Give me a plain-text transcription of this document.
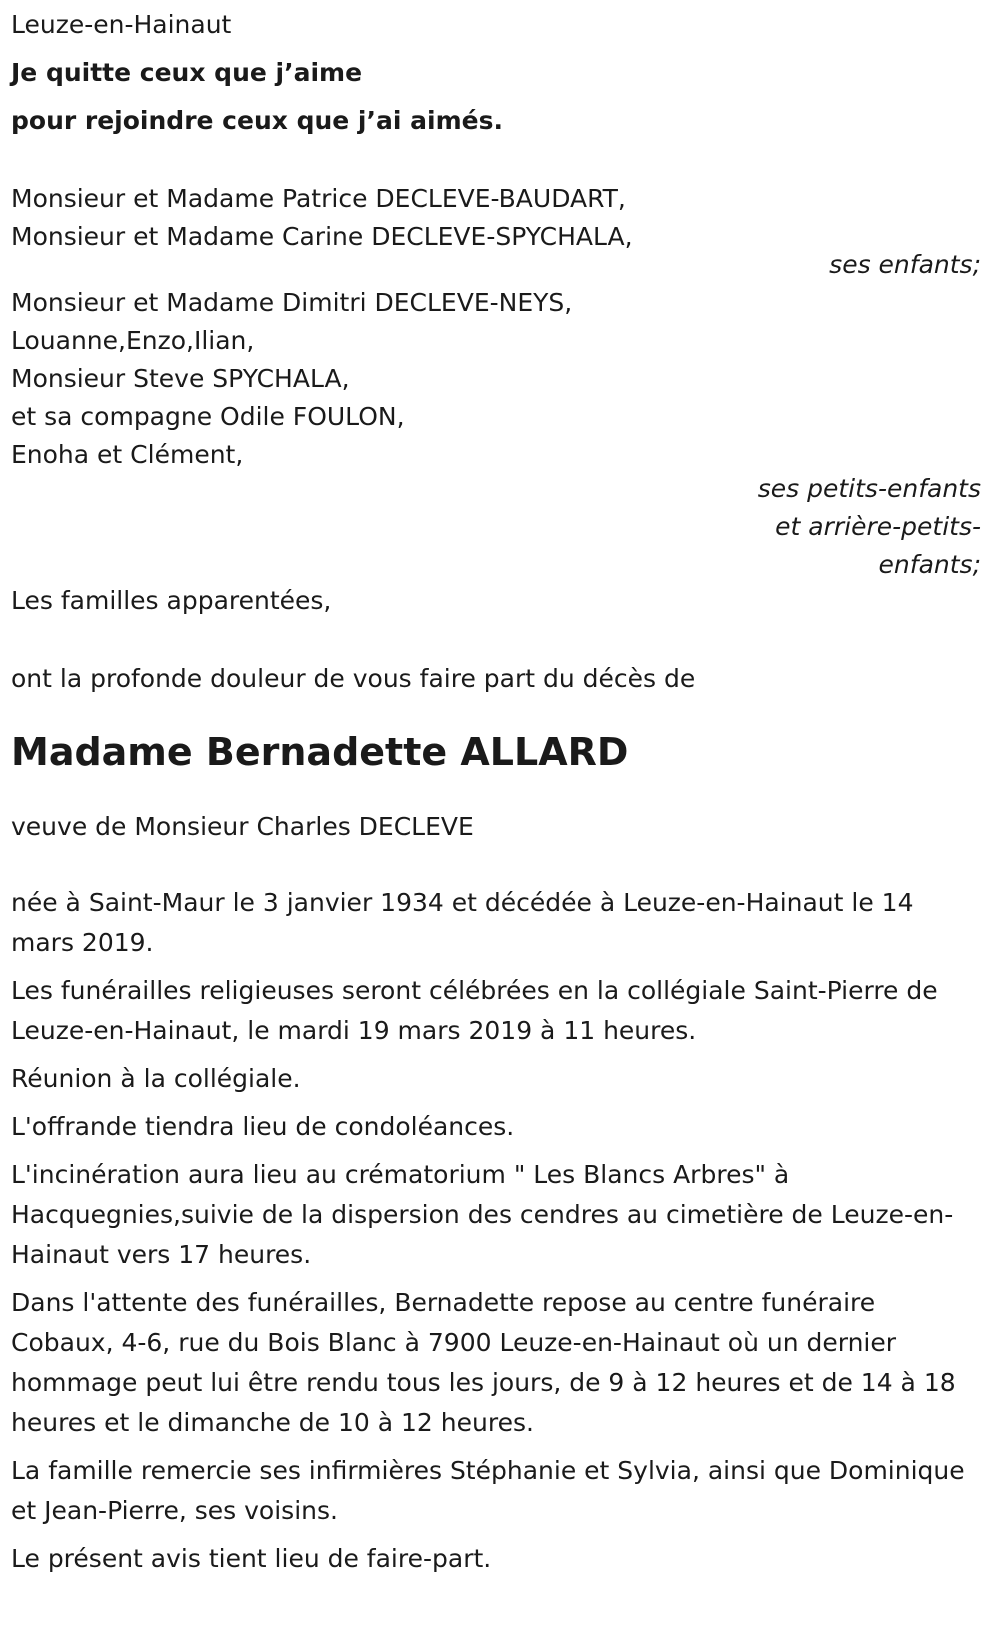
Leuze-en-Hainaut
Je quitte ceux que j’aime
pour rejoindre ceux que j’ai aimés.
Monsieur et Madame Patrice DECLEVE-BAUDART,
Monsieur et Madame Carine DECLEVE-SPYCHALA,
ses enfants;
Monsieur et Madame Dimitri DECLEVE-NEYS,
Louanne,Enzo,Ilian,
Monsieur Steve SPYCHALA,
et sa compagne Odile FOULON,
Enoha et Clément,
ses petits-enfants
et arrière-petits-
enfants;
Les familles apparentées,
ont la profonde douleur de vous faire part du décès de
Madame Bernadette ALLARD
veuve de Monsieur Charles DECLEVE
née à Saint-Maur le 3 janvier 1934 et décédée à Leuze-en-Hainaut le 14 mars 2019.
Les funérailles religieuses seront célébrées en la collégiale Saint-Pierre de Leuze-en-Hainaut, le mardi 19 mars 2019 à 11 heures.
Réunion à la collégiale.
L'offrande tiendra lieu de condoléances.
L'incinération aura lieu au crématorium " Les Blancs Arbres" à Hacquegnies,suivie de la dispersion des cendres au cimetière de Leuze-en-Hainaut vers 17 heures.
Dans l'attente des funérailles, Bernadette repose au centre funéraire Cobaux, 4-6, rue du Bois Blanc à 7900 Leuze-en-Hainaut où un dernier hommage peut lui être rendu tous les jours, de 9 à 12 heures et de 14 à 18 heures et le dimanche de 10 à 12 heures.
La famille remercie ses infirmières Stéphanie et Sylvia, ainsi que Dominique et Jean-Pierre, ses voisins.
Le présent avis tient lieu de faire-part.
